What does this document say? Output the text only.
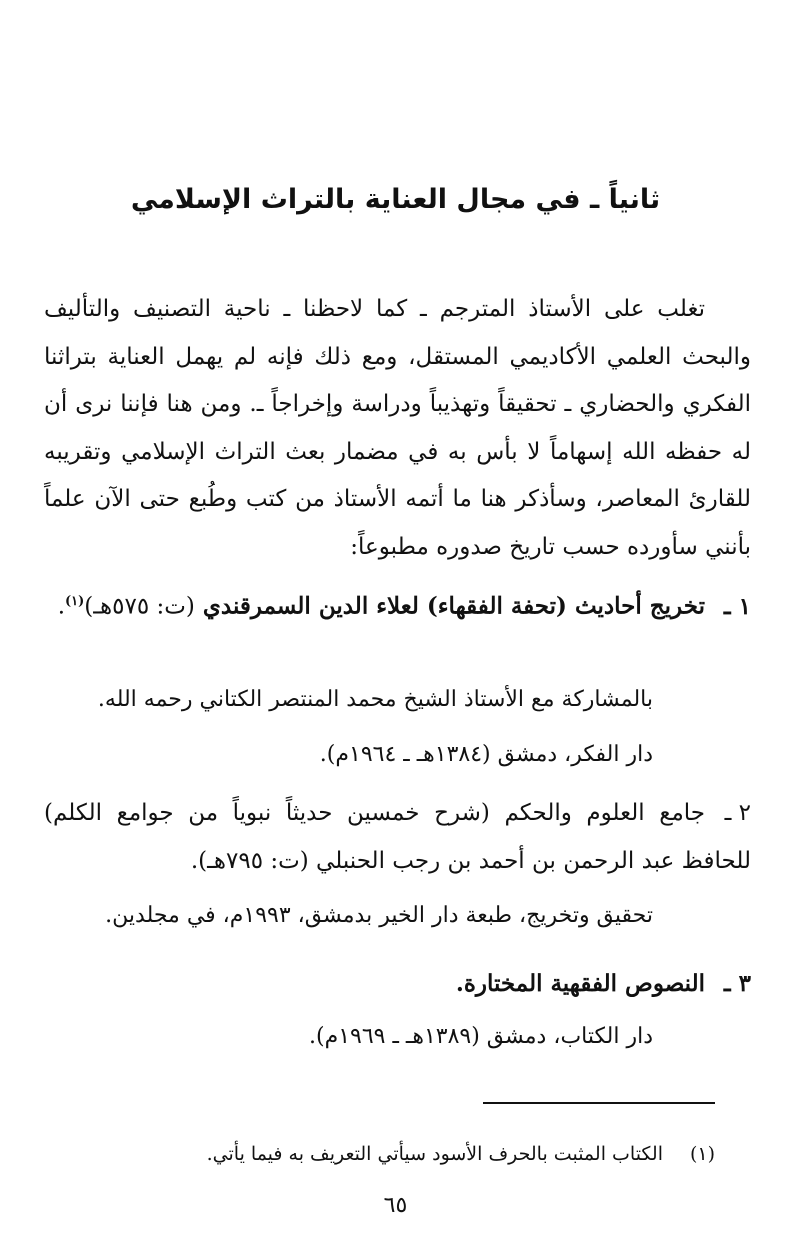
ثانياً ـ في مجال العناية بالتراث الإسلامي

تغلب على الأستاذ المترجم ـ كما لاحظنا ـ ناحية التصنيف والتأليف والبحث العلمي الأكاديمي المستقل، ومع ذلك فإنه لم يهمل العناية بتراثنا الفكري والحضاري ـ تحقيقاً وتهذيباً ودراسة وإخراجاً ـ. ومن هنا فإننا نرى أن له حفظه الله إسهاماً لا بأس به في مضمار بعث التراث الإسلامي وتقريبه للقارئ المعاصر، وسأذكر هنا ما أتمه الأستاذ من كتب وطُبع حتى الآن علماً بأنني سأورده حسب تاريخ صدوره مطبوعاً:

١ ـتخريج أحاديث (تحفة الفقهاء) لعلاء الدين السمرقندي (ت: ٥٧٥هـ)$^{(١)}$.

بالمشاركة مع الأستاذ الشيخ محمد المنتصر الكتاني رحمه الله.

دار الفكر، دمشق (١٣٨٤هـ ـ ١٩٦٤م).

٢ ـجامع العلوم والحكم (شرح خمسين حديثاً نبوياً من جوامع الكلم) للحافظ عبد الرحمن بن أحمد بن رجب الحنبلي (ت: ٧٩٥هـ).

تحقيق وتخريج، طبعة دار الخير بدمشق، ١٩٩٣م، في مجلدين.

٣ ـالنصوص الفقهية المختارة.

دار الكتاب، دمشق (١٣٨٩هـ ـ ١٩٦٩م).

(١)الكتاب المثبت بالحرف الأسود سيأتي التعريف به فيما يأتي.

٦٥
